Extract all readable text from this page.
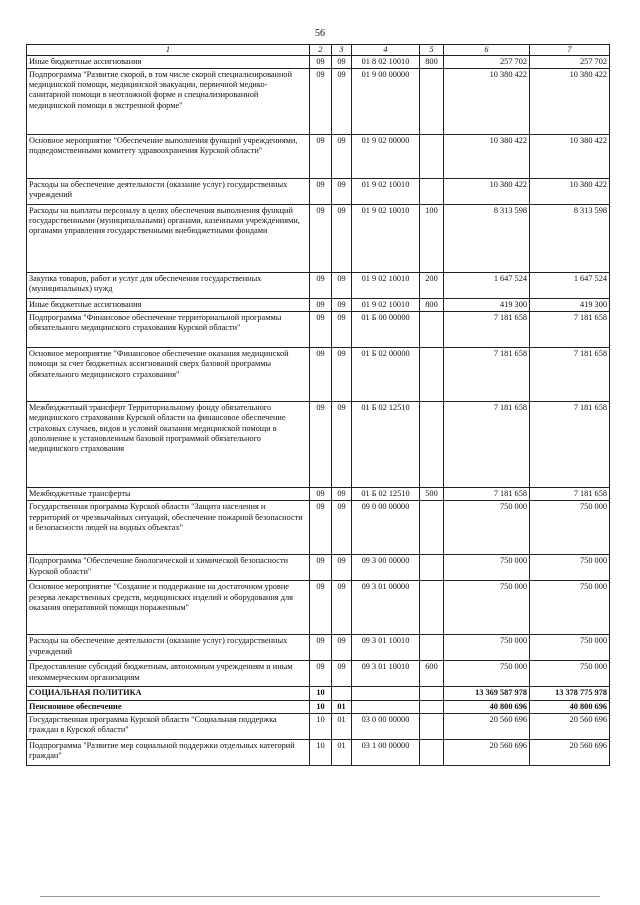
56
1	2	3	4	5	6	7
Иные бюджетные ассигнования	09	09	01 8 02 10010	800	257 702	257 702
Подпрограмма "Развитие скорой, в том числе скорой специализированной медицинской помощи, медицинской эвакуации, первичной медико-санитарной помощи в неотложной форме и специализированной медицинской помощи в экстренной форме"	09	09	01 9 00 00000		10 380 422	10 380 422
Основное мероприятие "Обеспечение выполнения функций учреждениями, подведомственными комитету здравоохранения Курской области"	09	09	01 9 02 00000		10 380 422	10 380 422
Расходы на обеспечение деятельности (оказание услуг) государственных учреждений	09	09	01 9 02 10010		10 380 422	10 380 422
Расходы на выплаты персоналу в целях обеспечения выполнения функций государственными (муниципальными) органами, казенными учреждениями, органами управления государственными внебюджетными фондами	09	09	01 9 02 10010	100	8 313 598	8 313 598
Закупка товаров, работ и услуг для обеспечения государственных (муниципальных) нужд	09	09	01 9 02 10010	200	1 647 524	1 647 524
Иные бюджетные ассигнования	09	09	01 9 02 10010	800	419 300	419 300
Подпрограмма "Финансовое обеспечение территориальной программы обязательного медицинского страхования Курской области"	09	09	01 Б 00 00000		7 181 658	7 181 658
Основное мероприятие "Финансовое обеспечение оказания медицинской помощи за счет бюджетных ассигнований сверх базовой программы обязательного медицинского страхования"	09	09	01 Б 02 00000		7 181 658	7 181 658
Межбюджетный трансферт Территориальному фонду обязательного медицинского страхования Курской области на финансовое обеспечение страховых случаев, видов и условий оказания медицинской помощи в дополнение к установленным базовой программой обязательного медицинского страхования	09	09	01 Б 02 12510		7 181 658	7 181 658
Межбюджетные трансферты	09	09	01 Б 02 12510	500	7 181 658	7 181 658
Государственная программа Курской области "Защита населения и территорий от чрезвычайных ситуаций, обеспечение пожарной безопасности и безопасности людей на водных объектах"	09	09	09 0 00 00000		750 000	750 000
Подпрограмма "Обеспечение биологической и химической безопасности Курской области"	09	09	09 3 00 00000		750 000	750 000
Основное мероприятие "Создание и поддержание на достаточном уровне резерва лекарственных средств, медицинских изделий и оборудования для оказания оперативной помощи пораженным"	09	09	09 3 01 00000		750 000	750 000
Расходы на обеспечение деятельности (оказание услуг) государственных учреждений	09	09	09 3 01 10010		750 000	750 000
Предоставление субсидий бюджетным, автономным учреждениям и иным некоммерческим организациям	09	09	09 3 01 10010	600	750 000	750 000
СОЦИАЛЬНАЯ ПОЛИТИКА	10				13 369 587 978	13 378 775 978
Пенсионное обеспечение	10	01			40 800 696	40 800 696
Государственная программа Курской области "Социальная поддержка граждан в Курской области"	10	01	03 0 00 00000		20 560 696	20 560 696
Подпрограмма "Развитие мер социальной поддержки отдельных категорий граждан"	10	01	03 1 00 00000		20 560 696	20 560 696
